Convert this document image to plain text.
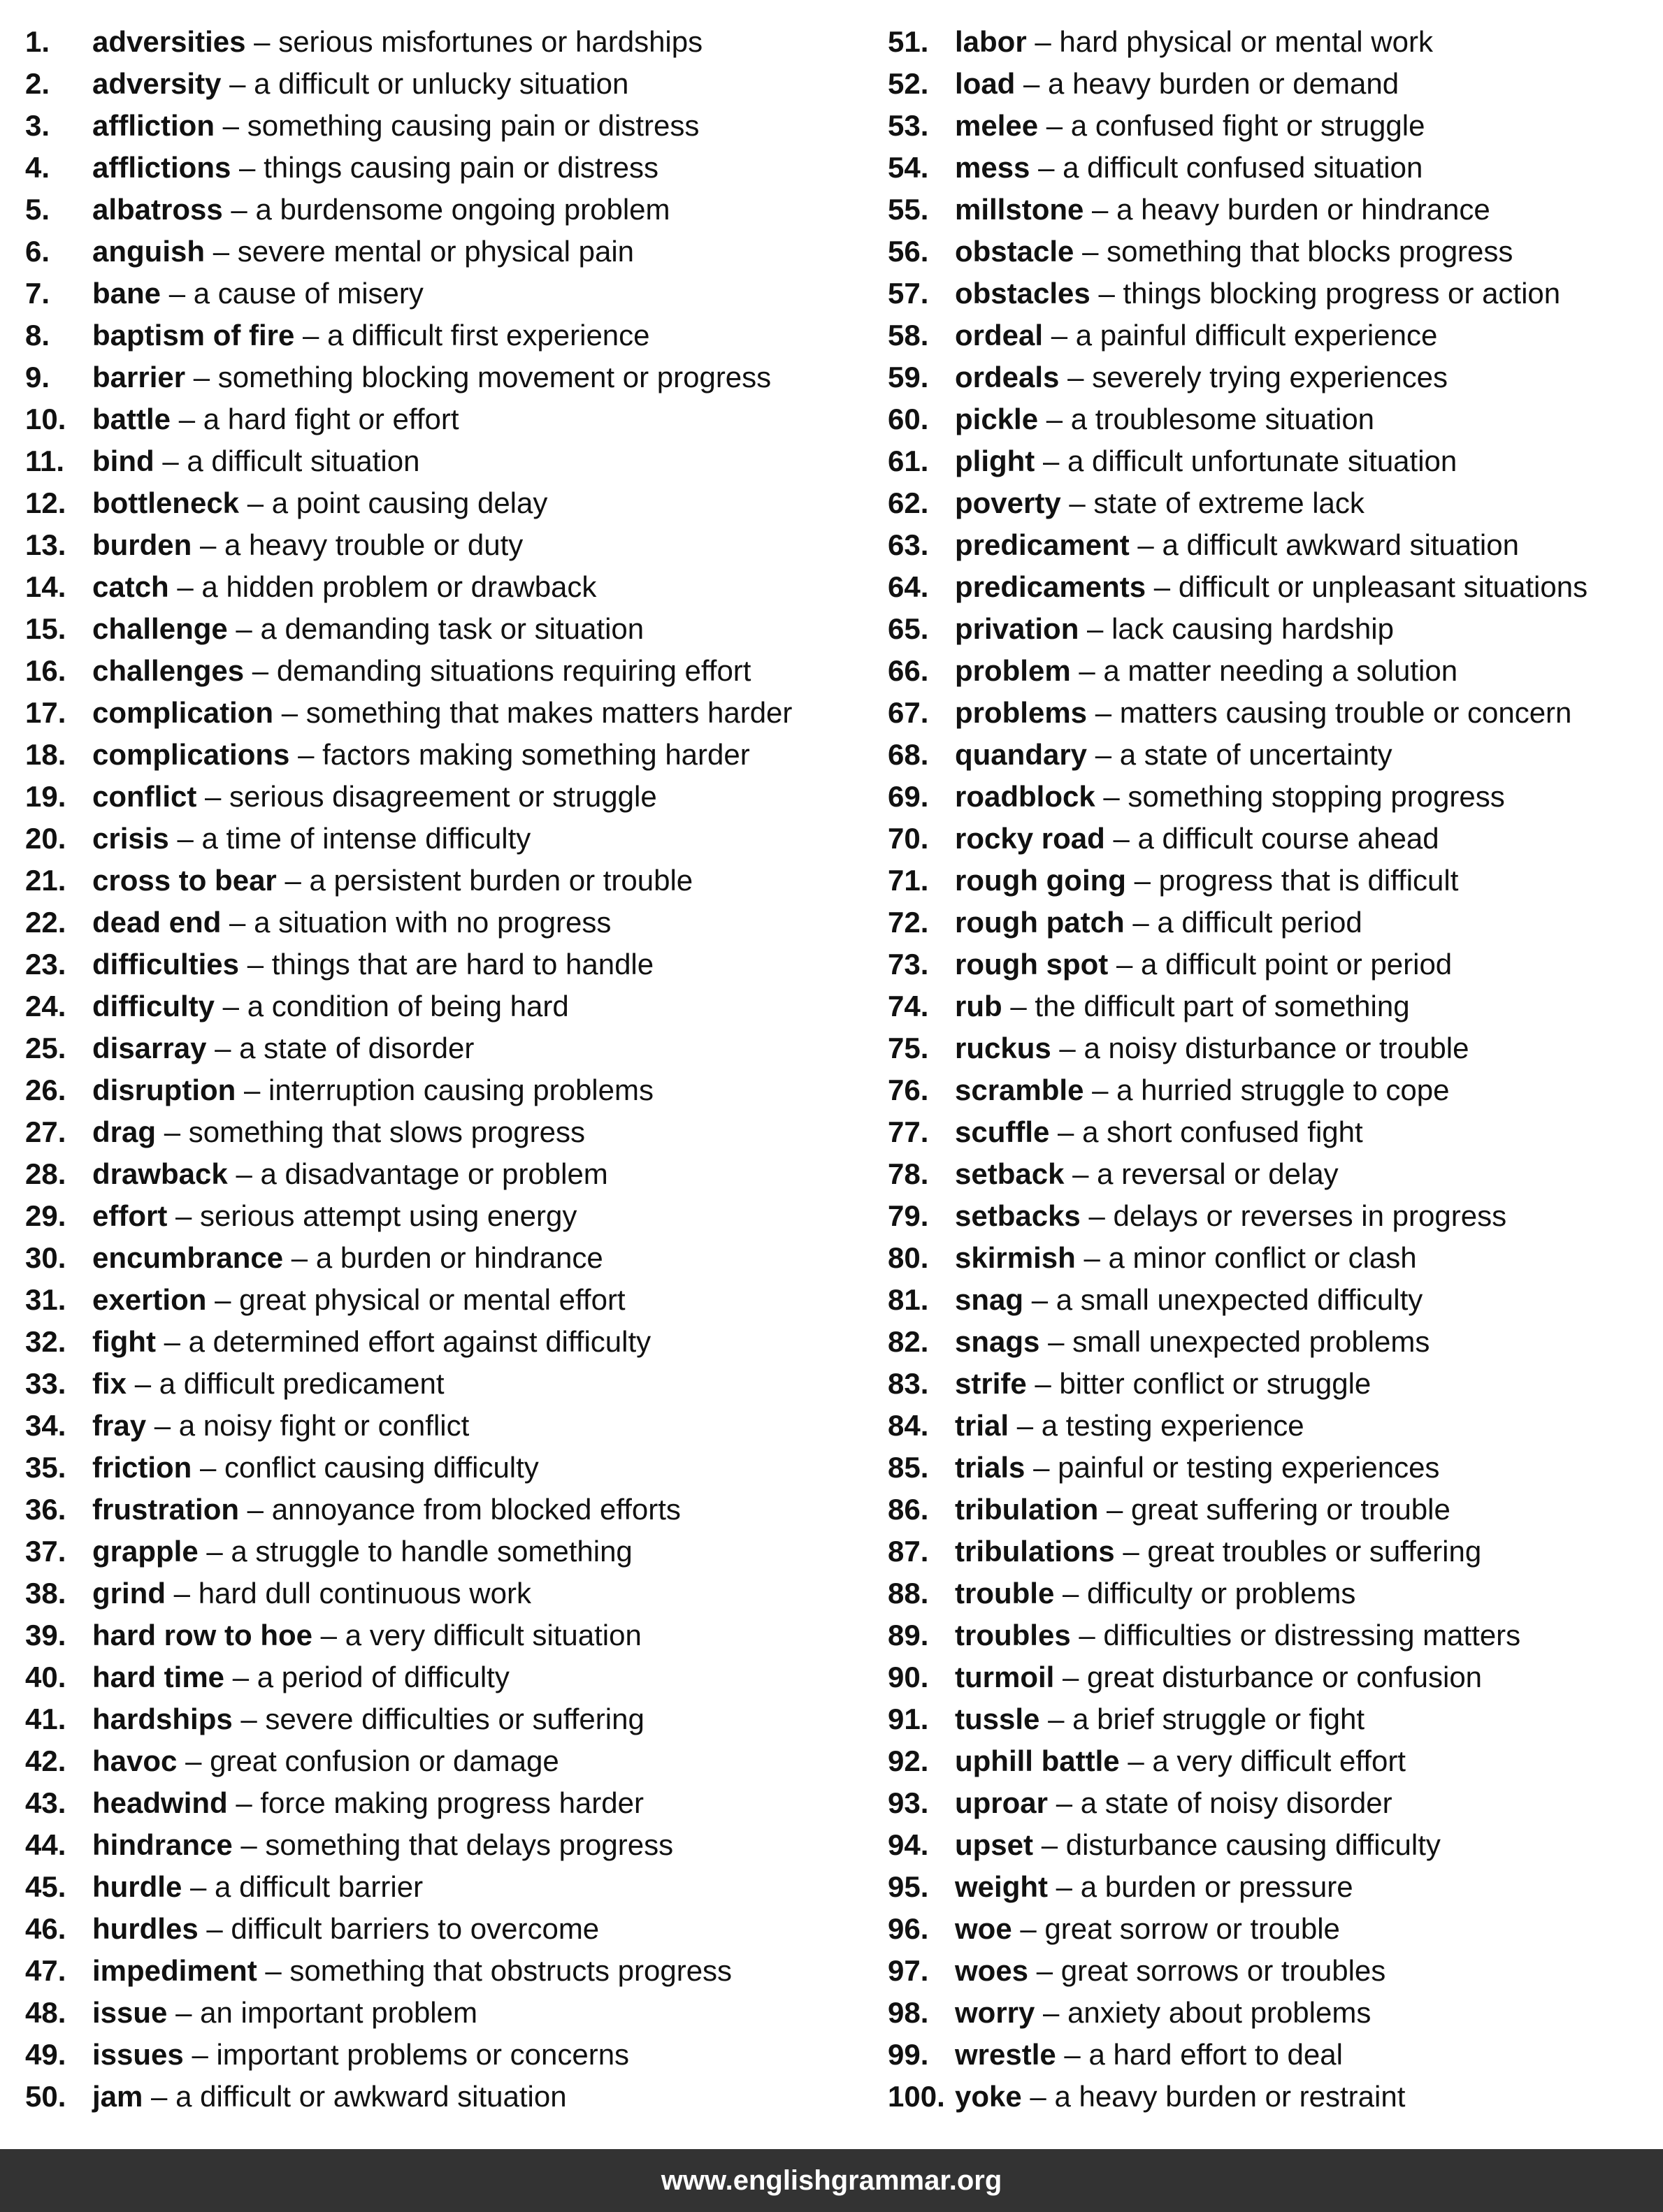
1. adversities – serious misfortunes or hardships
2. adversity – a difficult or unlucky situation
3. affliction – something causing pain or distress
4. afflictions – things causing pain or distress
5. albatross – a burdensome ongoing problem
6. anguish – severe mental or physical pain
7. bane – a cause of misery
8. baptism of fire – a difficult first experience
9. barrier – something blocking movement or progress
10. battle – a hard fight or effort
11. bind – a difficult situation
12. bottleneck – a point causing delay
13. burden – a heavy trouble or duty
14. catch – a hidden problem or drawback
15. challenge – a demanding task or situation
16. challenges – demanding situations requiring effort
17. complication – something that makes matters harder
18. complications – factors making something harder
19. conflict – serious disagreement or struggle
20. crisis – a time of intense difficulty
21. cross to bear – a persistent burden or trouble
22. dead end – a situation with no progress
23. difficulties – things that are hard to handle
24. difficulty – a condition of being hard
25. disarray – a state of disorder
26. disruption – interruption causing problems
27. drag – something that slows progress
28. drawback – a disadvantage or problem
29. effort – serious attempt using energy
30. encumbrance – a burden or hindrance
31. exertion – great physical or mental effort
32. fight – a determined effort against difficulty
33. fix – a difficult predicament
34. fray – a noisy fight or conflict
35. friction – conflict causing difficulty
36. frustration – annoyance from blocked efforts
37. grapple – a struggle to handle something
38. grind – hard dull continuous work
39. hard row to hoe – a very difficult situation
40. hard time – a period of difficulty
41. hardships – severe difficulties or suffering
42. havoc – great confusion or damage
43. headwind – force making progress harder
44. hindrance – something that delays progress
45. hurdle – a difficult barrier
46. hurdles – difficult barriers to overcome
47. impediment – something that obstructs progress
48. issue – an important problem
49. issues – important problems or concerns
50. jam – a difficult or awkward situation
51. labor – hard physical or mental work
52. load – a heavy burden or demand
53. melee – a confused fight or struggle
54. mess – a difficult confused situation
55. millstone – a heavy burden or hindrance
56. obstacle – something that blocks progress
57. obstacles – things blocking progress or action
58. ordeal – a painful difficult experience
59. ordeals – severely trying experiences
60. pickle – a troublesome situation
61. plight – a difficult unfortunate situation
62. poverty – state of extreme lack
63. predicament – a difficult awkward situation
64. predicaments – difficult or unpleasant situations
65. privation – lack causing hardship
66. problem – a matter needing a solution
67. problems – matters causing trouble or concern
68. quandary – a state of uncertainty
69. roadblock – something stopping progress
70. rocky road – a difficult course ahead
71. rough going – progress that is difficult
72. rough patch – a difficult period
73. rough spot – a difficult point or period
74. rub – the difficult part of something
75. ruckus – a noisy disturbance or trouble
76. scramble – a hurried struggle to cope
77. scuffle – a short confused fight
78. setback – a reversal or delay
79. setbacks – delays or reverses in progress
80. skirmish – a minor conflict or clash
81. snag – a small unexpected difficulty
82. snags – small unexpected problems
83. strife – bitter conflict or struggle
84. trial – a testing experience
85. trials – painful or testing experiences
86. tribulation – great suffering or trouble
87. tribulations – great troubles or suffering
88. trouble – difficulty or problems
89. troubles – difficulties or distressing matters
90. turmoil – great disturbance or confusion
91. tussle – a brief struggle or fight
92. uphill battle – a very difficult effort
93. uproar – a state of noisy disorder
94. upset – disturbance causing difficulty
95. weight – a burden or pressure
96. woe – great sorrow or trouble
97. woes – great sorrows or troubles
98. worry – anxiety about problems
99. wrestle – a hard effort to deal
100. yoke – a heavy burden or restraint
www.englishgrammar.org
